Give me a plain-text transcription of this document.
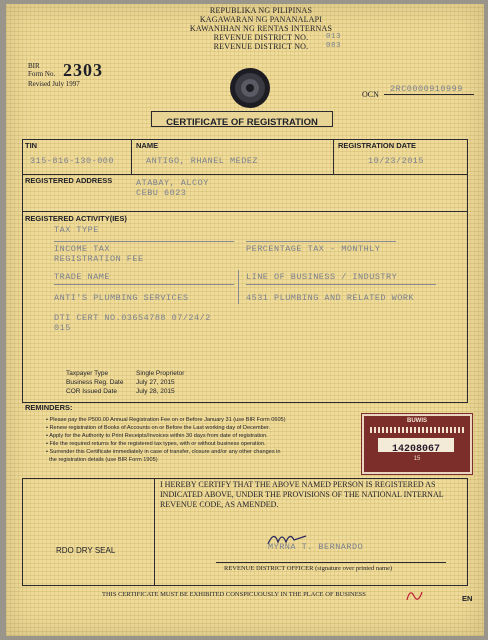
REPUBLIKA NG PILIPINAS
KAGAWARAN NG PANANALAPI
KAWANIHAN NG RENTAS INTERNAS
REVENUE DISTRICT NO.
REVENUE DISTRICT NO.
013
083
BIR
Form No. 2303
Revised July 1997
OCN
2RC0000910999
CERTIFICATE OF REGISTRATION
TIN
315-816-130-000
NAME
ANTIGO, RHANEL MEDEZ
REGISTRATION DATE
10/23/2015
REGISTERED ADDRESS	ATABAY, ALCOY
CEBU 6023
REGISTERED ACTIVITY(IES)
TAX TYPE
INCOME TAX
REGISTRATION FEE
PERCENTAGE TAX - MONTHLY
TRADE NAME	LINE OF BUSINESS / INDUSTRY
ANTI'S PLUMBING SERVICES	4531 PLUMBING AND RELATED WORK
DTI CERT NO.03654788 07/24/2
015
Taxpayer Type	Single Proprietor
Business Reg. Date July 27, 2015
COR Issued Date	July 28, 2015
REMINDERS:
• Please pay the P500.00 Annual Registration Fee on or Before January 31 (use BIR Form 0605)
• Renew registration of Books of Accounts on or Before the Last working day of December.
• Apply for the Authority to Print Receipts/Invoices within 30 days from date of registration.
• File the required returns for the registered tax types, with or without business operation.
• Surrender this Certificate immediately in case of transfer, closure and/or any other changes in
the registration details (use BIR Form 1905)
BUWIS
14208067
15
I HEREBY CERTIFY THAT THE ABOVE NAMED PERSON IS REGISTERED AS INDICATED ABOVE, UNDER THE PROVISIONS OF THE NATIONAL INTERNAL REVENUE CODE, AS AMENDED.
RDO DRY SEAL	MYRNA T. BERNARDO
REVENUE DISTRICT OFFICER (signature over printed name)
THIS CERTIFICATE MUST BE EXHIBITED CONSPICUOUSLY IN THE PLACE OF BUSINESS	EN
